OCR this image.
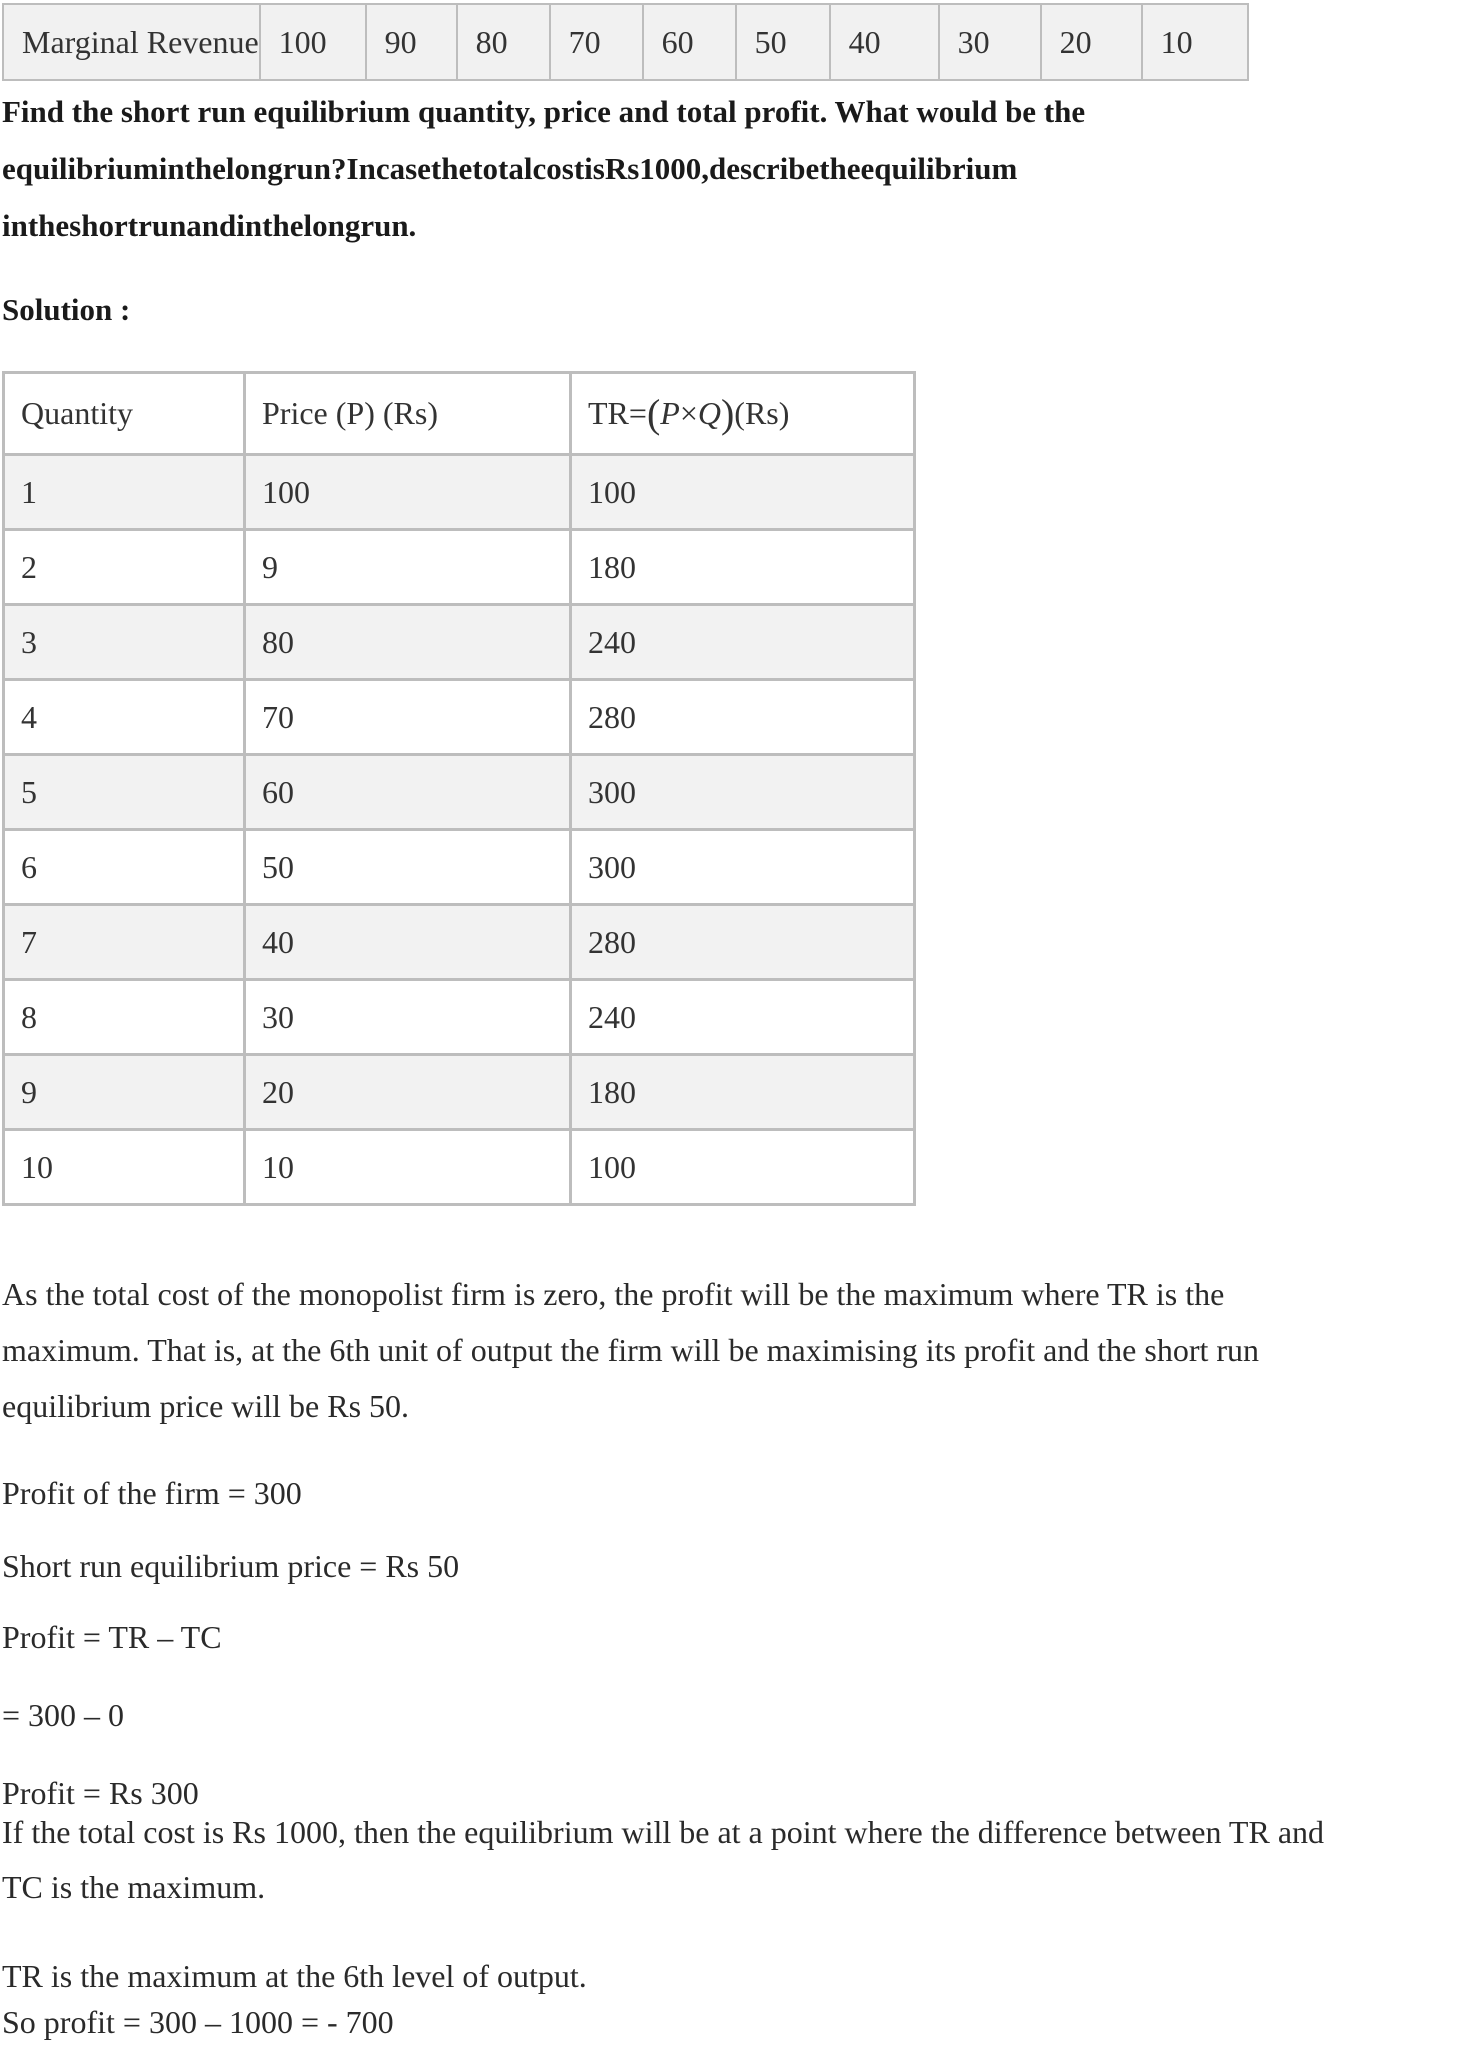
Marginal Revenue	100	90	80	70	60	50	40	30	20	10

Find the short run equilibrium quantity, price and total profit. What would be the

equilibriuminthelongrun?IncasethetotalcostisRs1000,describetheequilibrium

intheshortrunandinthelongrun.

Solution :
Quantity	Price (P) (Rs)	TR=(P×Q)(Rs)
1	100	100
2	9	180
3	80	240
4	70	280
5	60	300
6	50	300
7	40	280
8	30	240
9	20	180
10	10	100

As the total cost of the monopolist firm is zero, the profit will be the maximum where TR is the

maximum. That is, at the 6th unit of output the firm will be maximising its profit and the short run

equilibrium price will be Rs 50.

Profit of the firm = 300

Short run equilibrium price = Rs 50

Profit = TR – TC

= 300 – 0

Profit = Rs 300

If the total cost is Rs 1000, then the equilibrium will be at a point where the difference between TR and

TC is the maximum.

TR is the maximum at the 6th level of output.

So profit = 300 – 1000 = - 700
